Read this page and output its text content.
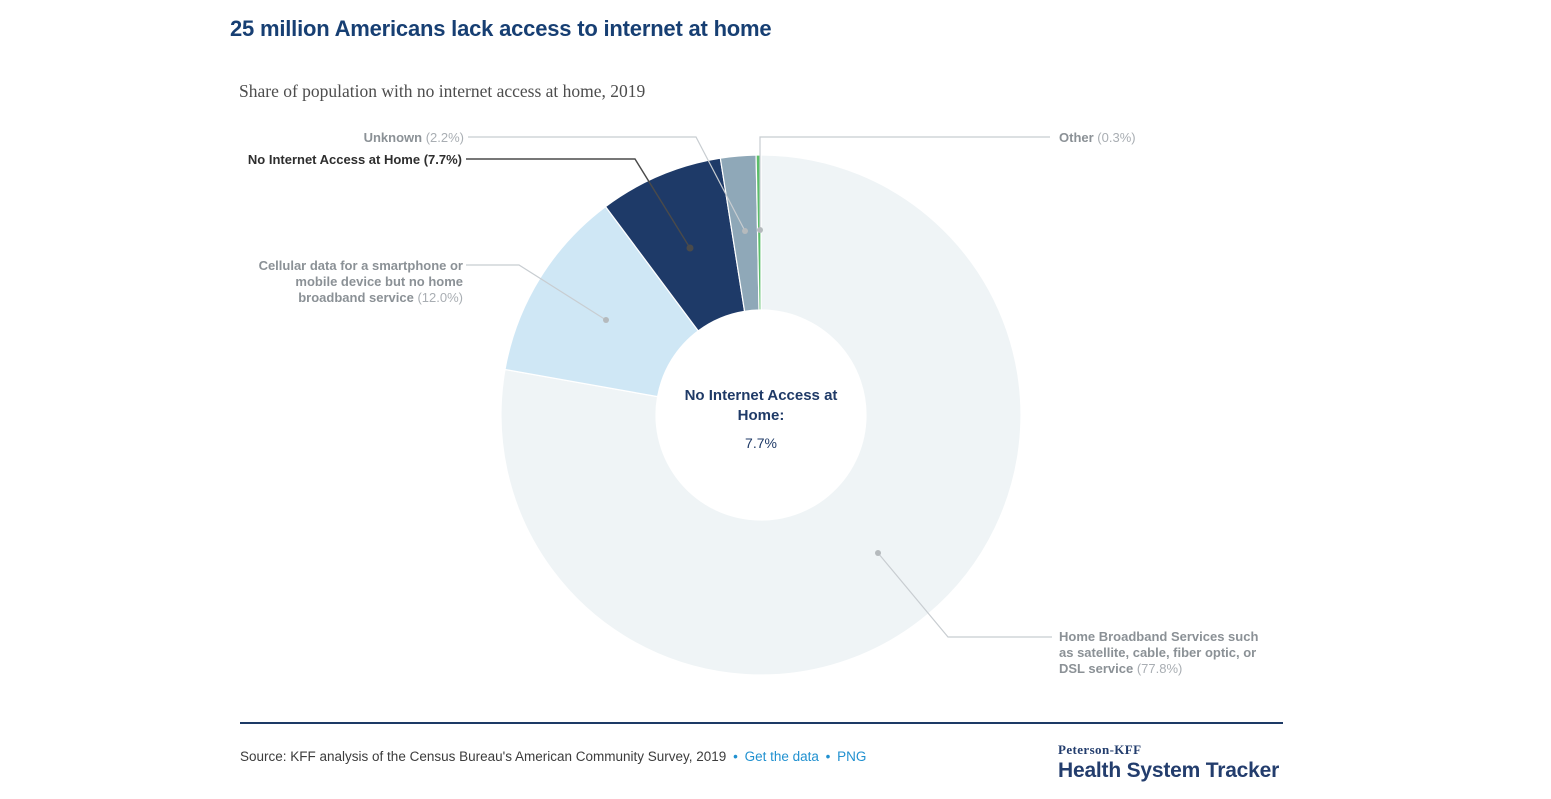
25 million Americans lack access to internet at home
Share of population with no internet access at home, 2019
Unknown (2.2%)
No Internet Access at Home (7.7%)
Cellular data for a smartphone or mobile device but no home broadband service (12.0%)
Other (0.3%)
Home Broadband Services such as satellite, cable, fiber optic, or DSL service (77.8%)
No Internet Access at Home:
7.7%
Source: KFF analysis of the Census Bureau's American Community Survey, 2019 • Get the data • PNG	Peterson-KFF
Health System Tracker
